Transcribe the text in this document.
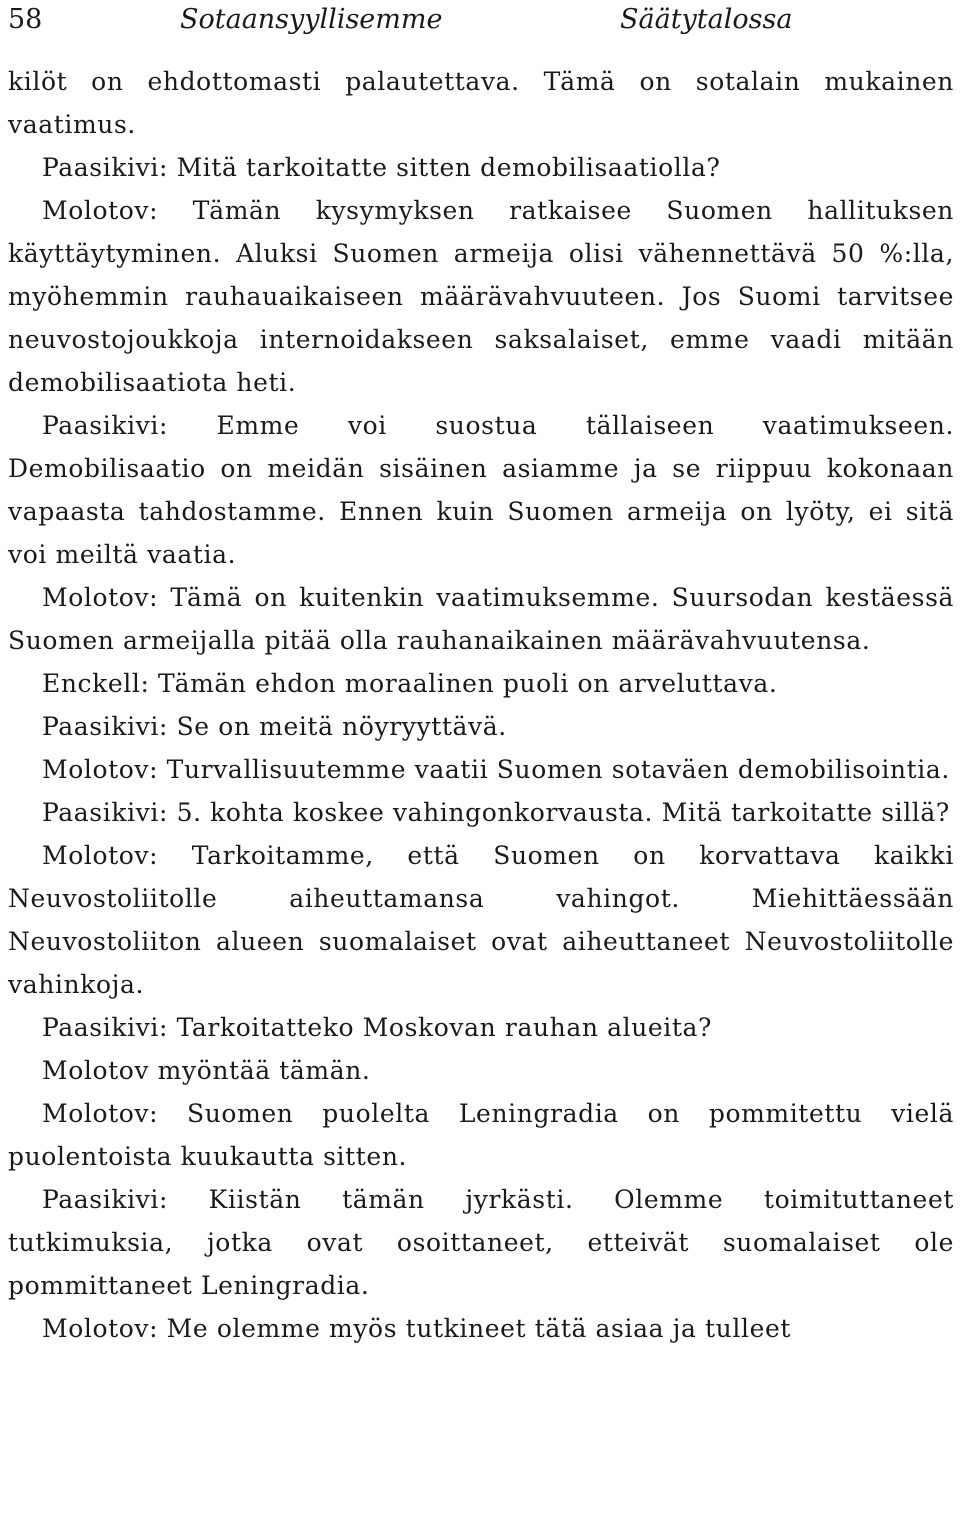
58	Sotaansyyllisemme	Säätytalossa

kilöt on ehdottomasti palautettava. Tämä on sotalain mukainen vaatimus.

Paasikivi: Mitä tarkoitatte sitten demobilisaatiolla?

Molotov: Tämän kysymyksen ratkaisee Suomen hallituksen käyttäytyminen. Aluksi Suomen armeija olisi vähennettävä 50 %:lla, myöhemmin rauhauaikaiseen määrävahvuuteen. Jos Suomi tarvitsee neuvostojoukkoja internoidakseen saksalaiset, emme vaadi mitään demobilisaatiota heti.

Paasikivi: Emme voi suostua tällaiseen vaatimukseen. Demobilisaatio on meidän sisäinen asiamme ja se riippuu kokonaan vapaasta tahdostamme. Ennen kuin Suomen armeija on lyöty, ei sitä voi meiltä vaatia.

Molotov: Tämä on kuitenkin vaatimuksemme. Suursodan kestäessä Suomen armeijalla pitää olla rauhanaikainen määrävahvuutensa.

Enckell: Tämän ehdon moraalinen puoli on arveluttava.

Paasikivi: Se on meitä nöyryyttävä.

Molotov: Turvallisuutemme vaatii Suomen sotaväen demobilisointia.

Paasikivi: 5. kohta koskee vahingonkorvausta. Mitä tarkoitatte sillä?

Molotov: Tarkoitamme, että Suomen on korvattava kaikki Neuvostoliitolle aiheuttamansa vahingot. Miehittäessään Neuvostoliiton alueen suomalaiset ovat aiheuttaneet Neuvostoliitolle vahinkoja.

Paasikivi: Tarkoitatteko Moskovan rauhan alueita?

Molotov myöntää tämän.

Molotov: Suomen puolelta Leningradia on pommitettu vielä puolentoista kuukautta sitten.

Paasikivi: Kiistän tämän jyrkästi. Olemme toimituttaneet tutkimuksia, jotka ovat osoittaneet, etteivät suomalaiset ole pommittaneet Leningradia.

Molotov: Me olemme myös tutkineet tätä asiaa ja tulleet
